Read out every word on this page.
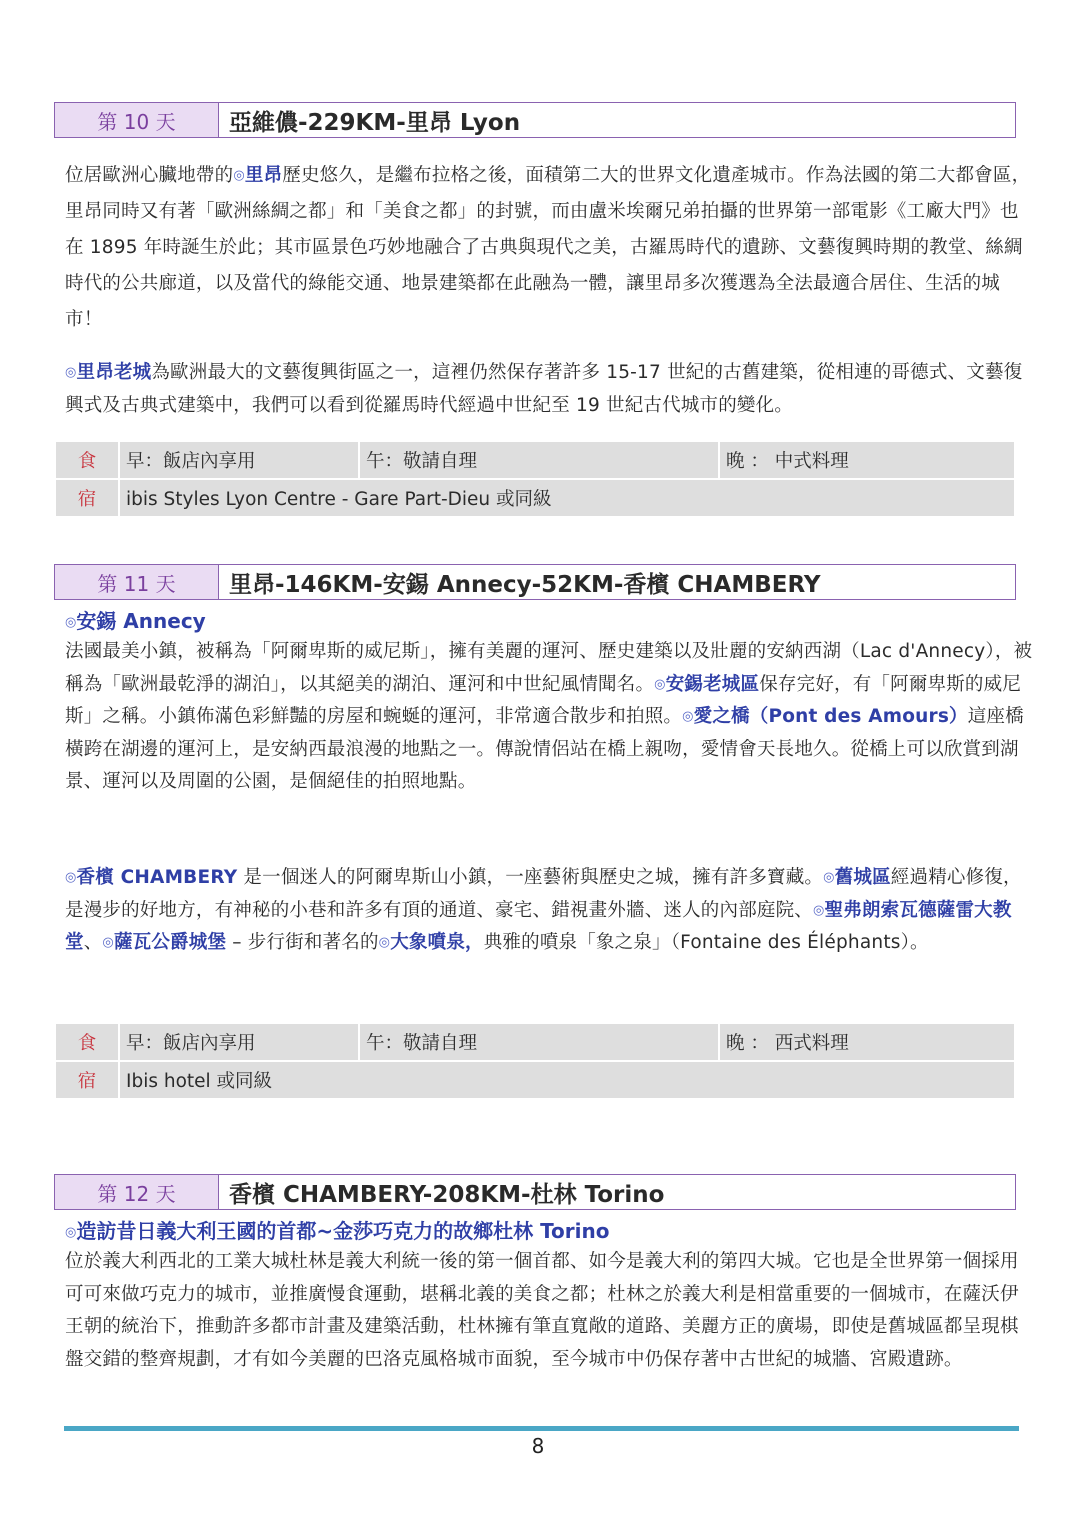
第 10 天	亞維儂-229KM-里昂 Lyon

位居歐洲心臟地帶的◎里昂歷史悠久，是繼布拉格之後，面積第二大的世界文化遺產城市。作為法國的第二大都會區，里昂同時又有著「歐洲絲綢之都」和「美食之都」的封號，而由盧米埃爾兄弟拍攝的世界第一部電影《工廠大門》也在 1895 年時誕生於此；其市區景色巧妙地融合了古典與現代之美，古羅馬時代的遺跡、文藝復興時期的教堂、絲綢時代的公共廊道，以及當代的綠能交通、地景建築都在此融為一體，讓里昂多次獲選為全法最適合居住、生活的城市！

◎里昂老城為歐洲最大的文藝復興街區之一，這裡仍然保存著許多 15-17 世紀的古舊建築，從相連的哥德式、文藝復興式及古典式建築中，我們可以看到從羅馬時代經過中世紀至 19 世紀古代城市的變化。

食	早：飯店內享用	午：敬請自理	晚 ： 中式料理
宿	ibis Styles Lyon Centre - Gare Part-Dieu 或同級		
第 11 天	里昂-146KM-安錫 Annecy-52KM-香檳 CHAMBERY

◎安錫 Annecy

法國最美小鎮，被稱為「阿爾卑斯的威尼斯」，擁有美麗的運河、歷史建築以及壯麗的安納西湖（Lac d'Annecy），被稱為「歐洲最乾淨的湖泊」，以其絕美的湖泊、運河和中世紀風情聞名。◎安錫老城區保存完好，有「阿爾卑斯的威尼斯」之稱。小鎮佈滿色彩鮮豔的房屋和蜿蜒的運河，非常適合散步和拍照。◎愛之橋（Pont des Amours）這座橋橫跨在湖邊的運河上，是安納西最浪漫的地點之一。傳說情侶站在橋上親吻，愛情會天長地久。從橋上可以欣賞到湖景、運河以及周圍的公園，是個絕佳的拍照地點。

◎香檳 CHAMBERY 是一個迷人的阿爾卑斯山小鎮，一座藝術與歷史之城，擁有許多寶藏。◎舊城區經過精心修復，是漫步的好地方，有神秘的小巷和許多有頂的通道、豪宅、錯視畫外牆、迷人的內部庭院、◎聖弗朗索瓦德薩雷大教堂、◎薩瓦公爵城堡 – 步行街和著名的◎大象噴泉，典雅的噴泉「象之泉」（Fontaine des Éléphants）。

食	早：飯店內享用	午：敬請自理	晚 ： 西式料理
宿	Ibis hotel 或同級		
第 12 天	香檳 CHAMBERY-208KM-杜林 Torino

◎造訪昔日義大利王國的首都~金莎巧克力的故鄉杜林 Torino

位於義大利西北的工業大城杜林是義大利統一後的第一個首都、如今是義大利的第四大城。它也是全世界第一個採用可可來做巧克力的城市，並推廣慢食運動，堪稱北義的美食之都；杜林之於義大利是相當重要的一個城市，在薩沃伊王朝的統治下，推動許多都市計畫及建築活動，杜林擁有筆直寬敞的道路、美麗方正的廣場，即使是舊城區都呈現棋盤交錯的整齊規劃，才有如今美麗的巴洛克風格城市面貌，至今城市中仍保存著中古世紀的城牆、宮殿遺跡。

8
